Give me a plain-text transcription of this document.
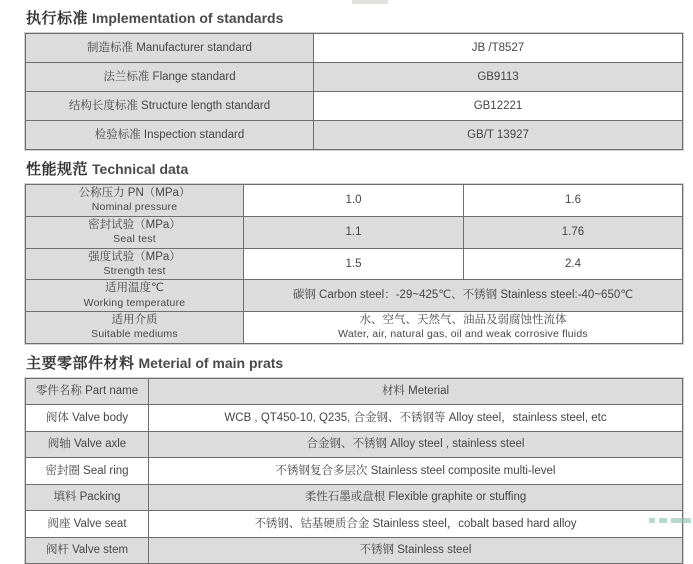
执行标准 Implementation of standards
制造标准 Manufacturer standard	JB /T8527
法兰标准 Flange standard	GB9113
结构长度标准 Structure length standard	GB12221
检验标准 Inspection standard	GB/T 13927
性能规范 Technical data
公称压力 PN（MPa）
Nominal pressure	1.0	1.6
密封试验（MPa）
Seal test	1.1	1.76
强度试验（MPa）
Strength test	1.5	2.4
适用温度℃
Working temperature	碳钢 Carbon steel：-29~425℃、不锈钢 Stainless steel:-40~650℃	
适用介质
Suitable mediums	水、空气、天然气、油品及弱腐蚀性流体
Water, air, natural gas, oil and weak corrosive fluids	
主要零部件材料 Meterial of main prats
零件名称 Part name	材料 Meterial
阀体 Valve body	WCB , QT450-10, Q235, 合金钢、不锈钢等 Alloy steel，stainless steel, etc
阀轴 Valve axle	合金钢、不锈钢 Alloy steel , stainless steel
密封圈 Seal ring	不锈钢复合多层次 Stainless steel composite multi-level
填料 Packing	柔性石墨或盘根 Flexible graphite or stuffing
阀座 Valve seat	不锈钢、钴基硬质合金 Stainless steel，cobalt based hard alloy
阀杆 Valve stem	不锈钢 Stainless steel
